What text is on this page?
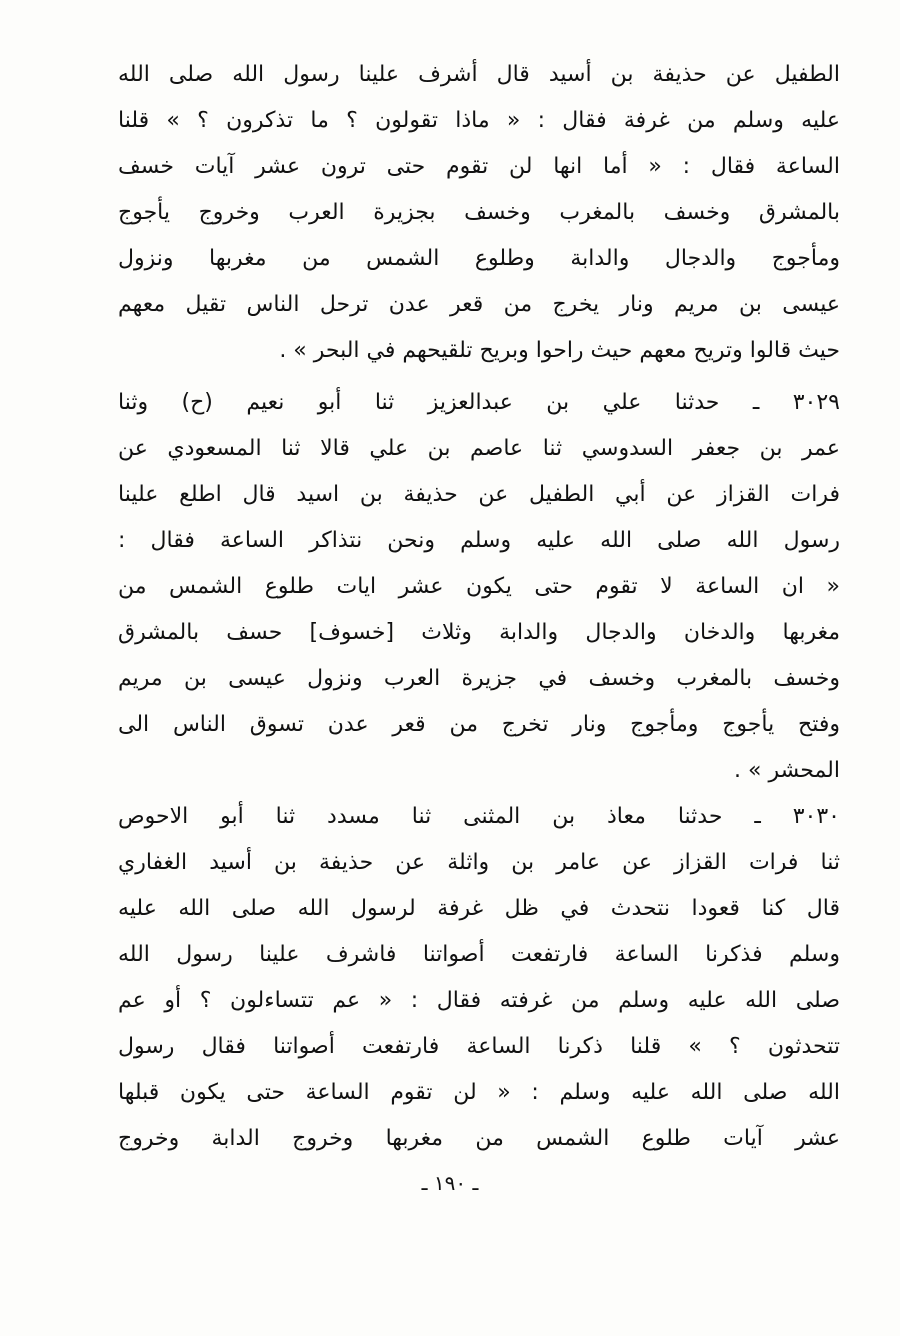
الطفيل عن حذيفة بن أسيد قال أشرف علينا رسول الله صلى الله
عليه وسلم من غرفة فقال : « ماذا تقولون ؟ ما تذكرون ؟ » قلنا
الساعة فقال : « أما انها لن تقوم حتى ترون عشر آيات خسف
بالمشرق وخسف بالمغرب وخسف بجزيرة العرب وخروج يأجوج
ومأجوج والدجال والدابة وطلوع الشمس من مغربها ونزول
عيسى بن مريم ونار يخرج من قعر عدن ترحل الناس تقيل معهم
حيث قالوا وتريح معهم حيث راحوا وبريح تلقيحهم في البحر » .
٣٠٢٩ ـ حدثنا علي بن عبدالعزيز ثنا أبو نعيم (ح) وثنا
عمر بن جعفر السدوسي ثنا عاصم بن علي قالا ثنا المسعودي عن
فرات القزاز عن أبي الطفيل عن حذيفة بن اسيد قال اطلع علينا
رسول الله صلى الله عليه وسلم ونحن نتذاكر الساعة فقال :
« ان الساعة لا تقوم حتى يكون عشر ايات طلوع الشمس من
مغربها والدخان والدجال والدابة وثلاث [خسوف] حسف بالمشرق
وخسف بالمغرب وخسف في جزيرة العرب ونزول عيسى بن مريم
وفتح يأجوج ومأجوج ونار تخرج من قعر عدن تسوق الناس الى
المحشر » .
٣٠٣٠ ـ حدثنا معاذ بن المثنى ثنا مسدد ثنا أبو الاحوص
ثنا فرات القزاز عن عامر بن واثلة عن حذيفة بن أسيد الغفاري
قال كنا قعودا نتحدث في ظل غرفة لرسول الله صلى الله عليه
وسلم فذكرنا الساعة فارتفعت أصواتنا فاشرف علينا رسول الله
صلى الله عليه وسلم من غرفته فقال : « عم تتساءلون ؟ أو عم
تتحدثون ؟ » قلنا ذكرنا الساعة فارتفعت أصواتنا فقال رسول
الله صلى الله عليه وسلم : « لن تقوم الساعة حتى يكون قبلها
عشر آيات طلوع الشمس من مغربها وخروج الدابة وخروج
ـ ١٩٠ ـ
